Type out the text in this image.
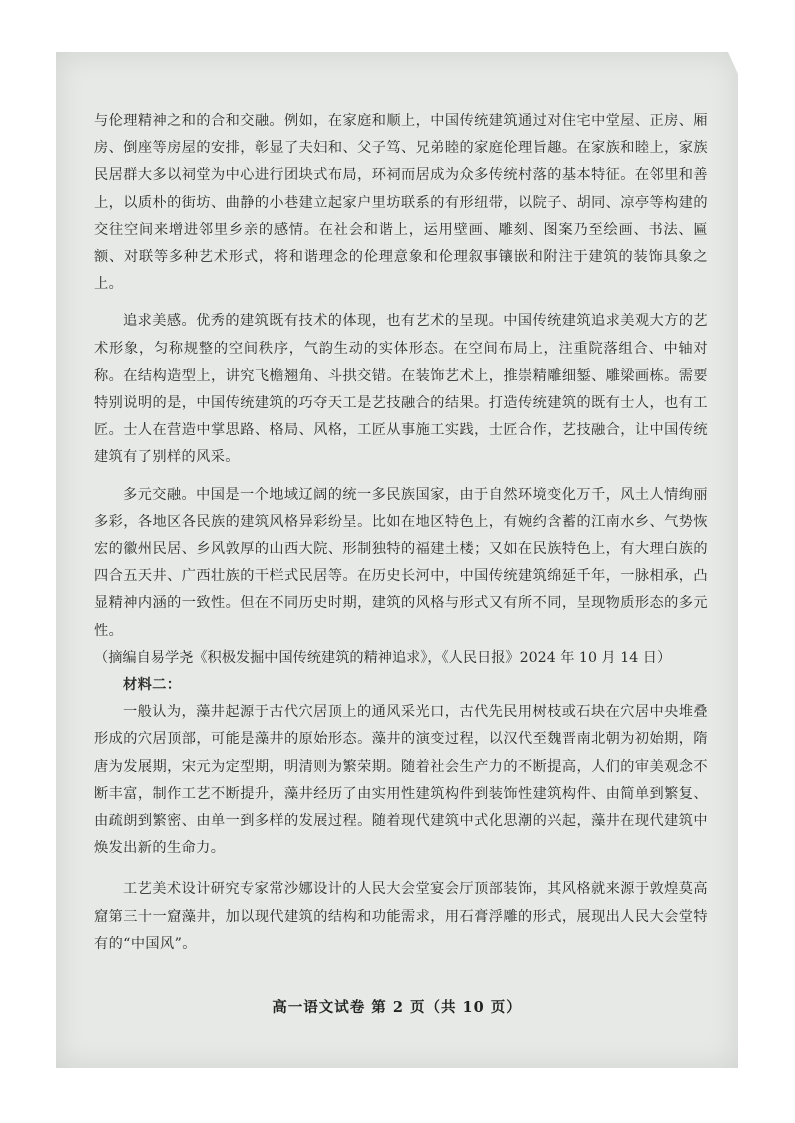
与伦理精神之和的合和交融。例如，在家庭和顺上，中国传统建筑通过对住宅中堂屋、正房、厢房、倒座等房屋的安排，彰显了夫妇和、父子笃、兄弟睦的家庭伦理旨趣。在家族和睦上，家族民居群大多以祠堂为中心进行团块式布局，环祠而居成为众多传统村落的基本特征。在邻里和善上，以质朴的街坊、曲静的小巷建立起家户里坊联系的有形纽带，以院子、胡同、凉亭等构建的交往空间来增进邻里乡亲的感情。在社会和谐上，运用壁画、雕刻、图案乃至绘画、书法、匾额、对联等多种艺术形式，将和谐理念的伦理意象和伦理叙事镶嵌和附注于建筑的装饰具象之上。

追求美感。优秀的建筑既有技术的体现，也有艺术的呈现。中国传统建筑追求美观大方的艺术形象，匀称规整的空间秩序，气韵生动的实体形态。在空间布局上，注重院落组合、中轴对称。在结构造型上，讲究飞檐翘角、斗拱交错。在装饰艺术上，推崇精雕细錾、雕梁画栋。需要特别说明的是，中国传统建筑的巧夺天工是艺技融合的结果。打造传统建筑的既有士人，也有工匠。士人在营造中掌思路、格局、风格，工匠从事施工实践，士匠合作，艺技融合，让中国传统建筑有了别样的风采。

多元交融。中国是一个地域辽阔的统一多民族国家，由于自然环境变化万千，风土人情绚丽多彩，各地区各民族的建筑风格异彩纷呈。比如在地区特色上，有婉约含蓄的江南水乡、气势恢宏的徽州民居、乡风敦厚的山西大院、形制独特的福建土楼；又如在民族特色上，有大理白族的四合五天井、广西壮族的干栏式民居等。在历史长河中，中国传统建筑绵延千年，一脉相承，凸显精神内涵的一致性。但在不同历史时期，建筑的风格与形式又有所不同，呈现物质形态的多元性。

（摘编自易学尧《积极发掘中国传统建筑的精神追求》，《人民日报》2024 年 10 月 14 日）

材料二：

一般认为，藻井起源于古代穴居顶上的通风采光口，古代先民用树枝或石块在穴居中央堆叠形成的穴居顶部，可能是藻井的原始形态。藻井的演变过程，以汉代至魏晋南北朝为初始期，隋唐为发展期，宋元为定型期，明清则为繁荣期。随着社会生产力的不断提高，人们的审美观念不断丰富，制作工艺不断提升，藻井经历了由实用性建筑构件到装饰性建筑构件、由简单到繁复、由疏朗到繁密、由单一到多样的发展过程。随着现代建筑中式化思潮的兴起，藻井在现代建筑中焕发出新的生命力。

工艺美术设计研究专家常沙娜设计的人民大会堂宴会厅顶部装饰，其风格就来源于敦煌莫高窟第三十一窟藻井，加以现代建筑的结构和功能需求，用石膏浮雕的形式，展现出人民大会堂特有的“中国风”。

高一语文试卷 第 2 页（共 10 页）
